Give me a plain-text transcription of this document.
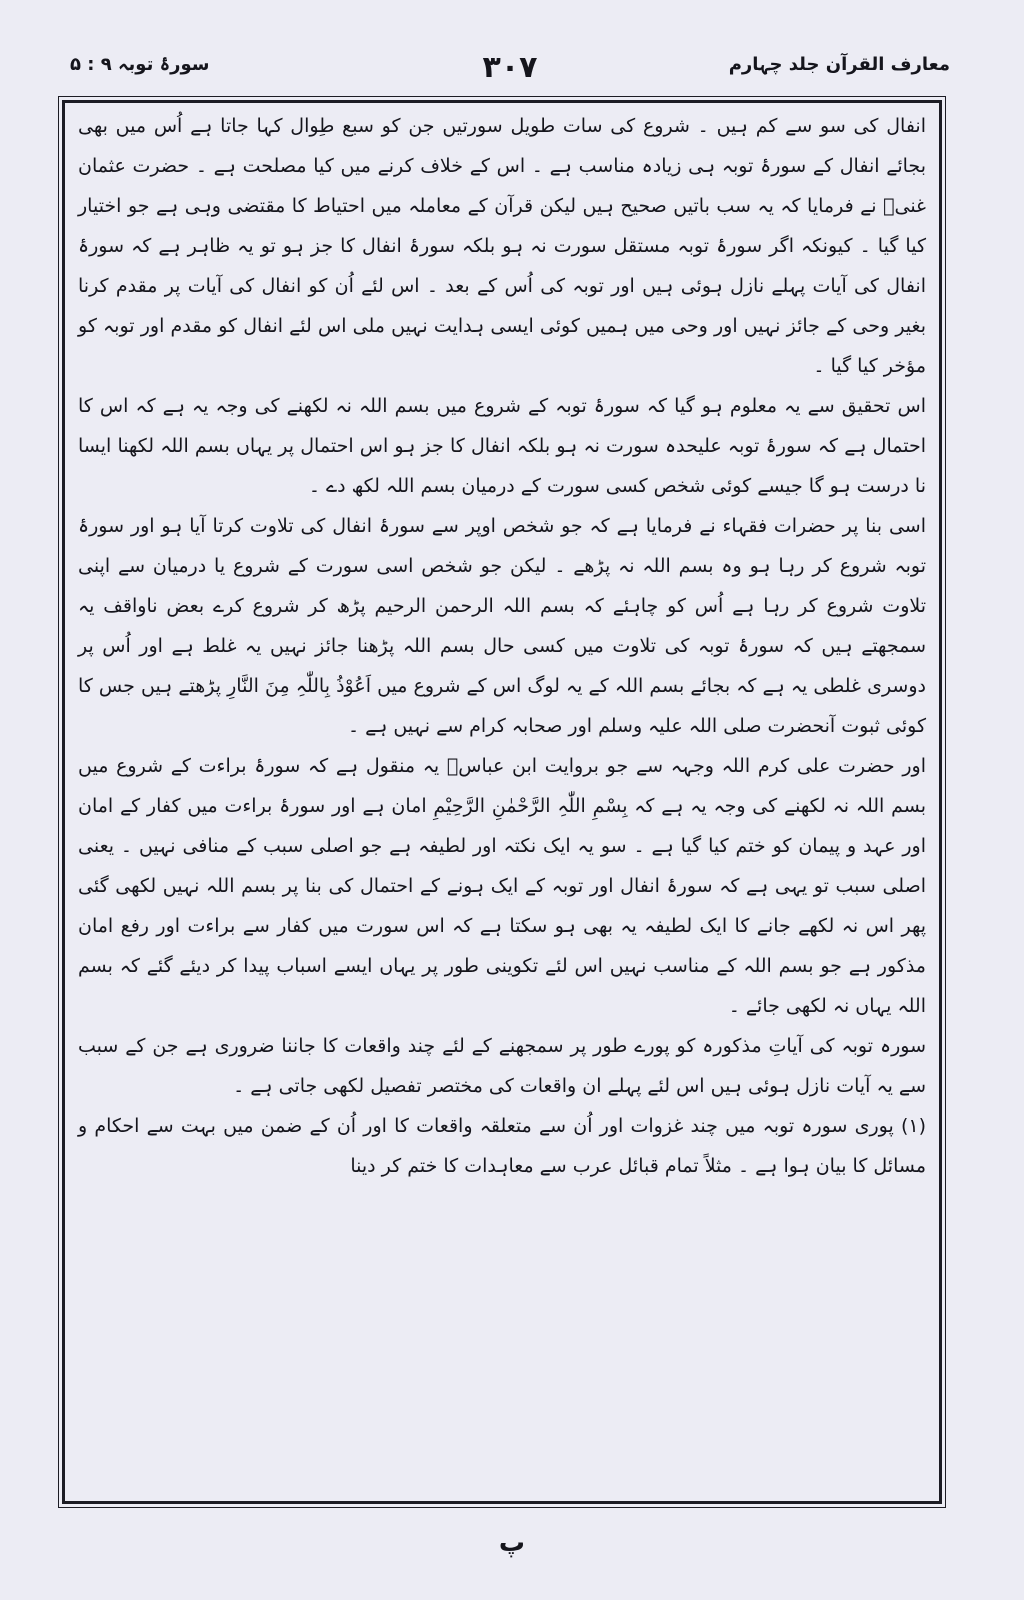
معارف القرآن جلد چہارم
۳۰۷
سورۂ توبہ ۹ : ۵

انفال کی سو سے کم ہیں ۔ شروع کی سات طویل سورتیں جن کو سبع طِوال کہا جاتا ہے اُس میں بھی بجائے انفال کے سورۂ توبہ ہی زیادہ مناسب ہے ۔ اس کے خلاف کرنے میں کیا مصلحت ہے ۔ حضرت عثمان غنیؓ نے فرمایا کہ یہ سب باتیں صحیح ہیں لیکن قرآن کے معاملہ میں احتیاط کا مقتضی وہی ہے جو اختیار کیا گیا ۔ کیونکہ اگر سورۂ توبہ مستقل سورت نہ ہو بلکہ سورۂ انفال کا جز ہو تو یہ ظاہر ہے کہ سورۂ انفال کی آیات پہلے نازل ہوئی ہیں اور توبہ کی اُس کے بعد ۔ اس لئے اُن کو انفال کی آیات پر مقدم کرنا بغیر وحی کے جائز نہیں اور وحی میں ہمیں کوئی ایسی ہدایت نہیں ملی اس لئے انفال کو مقدم اور توبہ کو مؤخر کیا گیا ۔

اس تحقیق سے یہ معلوم ہو گیا کہ سورۂ توبہ کے شروع میں بسم اللہ نہ لکھنے کی وجہ یہ ہے کہ اس کا احتمال ہے کہ سورۂ توبہ علیحدہ سورت نہ ہو بلکہ انفال کا جز ہو اس احتمال پر یہاں بسم اللہ لکھنا ایسا نا درست ہو گا جیسے کوئی شخص کسی سورت کے درمیان بسم اللہ لکھ دے ۔

اسی بنا پر حضرات فقہاء نے فرمایا ہے کہ جو شخص اوپر سے سورۂ انفال کی تلاوت کرتا آیا ہو اور سورۂ توبہ شروع کر رہا ہو وہ بسم اللہ نہ پڑھے ۔ لیکن جو شخص اسی سورت کے شروع یا درمیان سے اپنی تلاوت شروع کر رہا ہے اُس کو چاہئے کہ بسم اللہ الرحمن الرحیم پڑھ کر شروع کرے بعض ناواقف یہ سمجھتے ہیں کہ سورۂ توبہ کی تلاوت میں کسی حال بسم اللہ پڑھنا جائز نہیں یہ غلط ہے اور اُس پر دوسری غلطی یہ ہے کہ بجائے بسم اللہ کے یہ لوگ اس کے شروع میں اَعُوْذُ بِاللّٰہِ مِنَ النَّارِ پڑھتے ہیں جس کا کوئی ثبوت آنحضرت صلی اللہ علیہ وسلم اور صحابہ کرام سے نہیں ہے ۔

اور حضرت علی کرم اللہ وجہہ سے جو بروایت ابن عباسؓ یہ منقول ہے کہ سورۂ براءت کے شروع میں بسم اللہ نہ لکھنے کی وجہ یہ ہے کہ بِسْمِ اللّٰہِ الرَّحْمٰنِ الرَّحِیْمِ امان ہے اور سورۂ براءت میں کفار کے امان اور عہد و پیمان کو ختم کیا گیا ہے ۔ سو یہ ایک نکتہ اور لطیفہ ہے جو اصلی سبب کے منافی نہیں ۔ یعنی اصلی سبب تو یہی ہے کہ سورۂ انفال اور توبہ کے ایک ہونے کے احتمال کی بنا پر بسم اللہ نہیں لکھی گئی پھر اس نہ لکھے جانے کا ایک لطیفہ یہ بھی ہو سکتا ہے کہ اس سورت میں کفار سے براءت اور رفع امان مذکور ہے جو بسم اللہ کے مناسب نہیں اس لئے تکوینی طور پر یہاں ایسے اسباب پیدا کر دیئے گئے کہ بسم اللہ یہاں نہ لکھی جائے ۔

سورہ توبہ کی آیاتِ مذکورہ کو پورے طور پر سمجھنے کے لئے چند واقعات کا جاننا ضروری ہے جن کے سبب سے یہ آیات نازل ہوئی ہیں اس لئے پہلے ان واقعات کی مختصر تفصیل لکھی جاتی ہے ۔

(۱) پوری سورہ توبہ میں چند غزوات اور اُن سے متعلقہ واقعات کا اور اُن کے ضمن میں بہت سے احکام و مسائل کا بیان ہوا ہے ۔ مثلاً تمام قبائل عرب سے معاہدات کا ختم کر دینا

پ
